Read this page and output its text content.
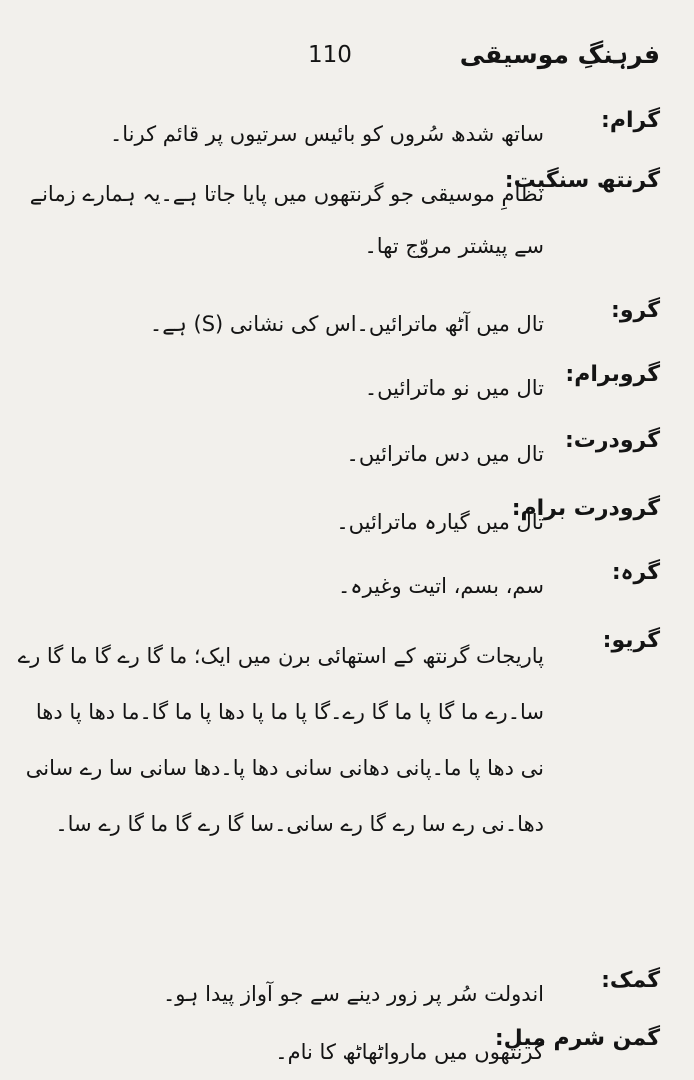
فرہنگِ موسیقی
110
گرام:
ساتھ شدھ سُروں کو بائیس سرتیوں پر قائم کرنا۔
گرنتھ سنگیت:
نظامِ موسیقی جو گرنتھوں میں پایا جاتا ہے۔یہ ہمارے زمانے سے پیشتر مروّج تھا۔
گرو:
تال میں آٹھ ماترائیں۔اس کی نشانی (S) ہے۔
گروبرام:
تال میں نو ماترائیں۔
گرودرت:
تال میں دس ماترائیں۔
گرودرت برام:
تال میں گیارہ ماترائیں۔
گرہ:
سم، بسم، اتیت وغیرہ۔
گریو:
پاریجات گرنتھ کے استھائی برن میں ایک؛ ما گا رے گا ما گا رے سا۔رے ما گا پا ما گا رے۔گا پا ما پا دھا پا ما گا۔ما دھا پا دھا نی دھا پا ما۔پانی دھانی سانی دھا پا۔دھا سانی سا رے سانی دھا۔نی رے سا رے گا رے سانی۔سا گا رے گا ما گا رے سا۔
گمک:
اندولت سُر پر زور دینے سے جو آواز پیدا ہو۔
گمن شرم میل:
گرنتھوں میں مارواٹھاٹھ کا نام۔
